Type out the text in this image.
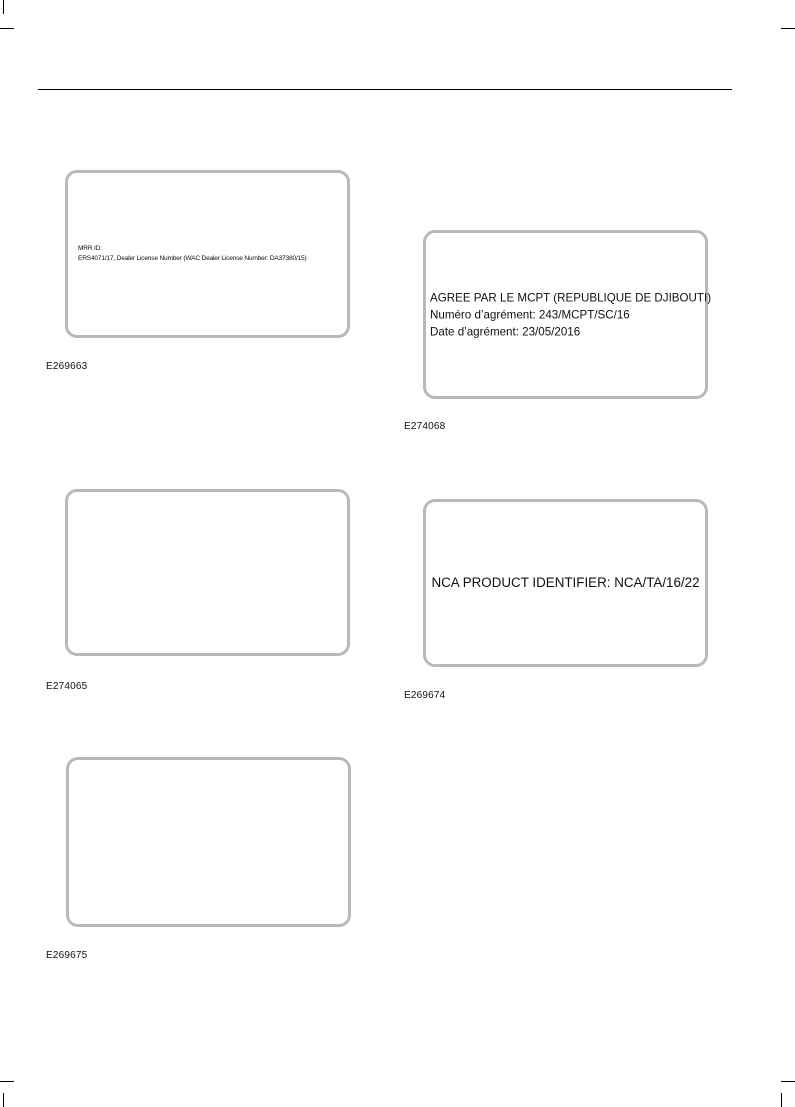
MRR ID:
ERS4071/17, Dealer License Number (WAC Dealer License Number: DA37380/15)
E269663
E274065
E269675
AGREE PAR LE MCPT (REPUBLIQUE DE DJIBOUTI)
Numéro d’agrément: 243/MCPT/SC/16
Date d’agrément: 23/05/2016
E274068
NCA PRODUCT IDENTIFIER: NCA/TA/16/22
E269674
